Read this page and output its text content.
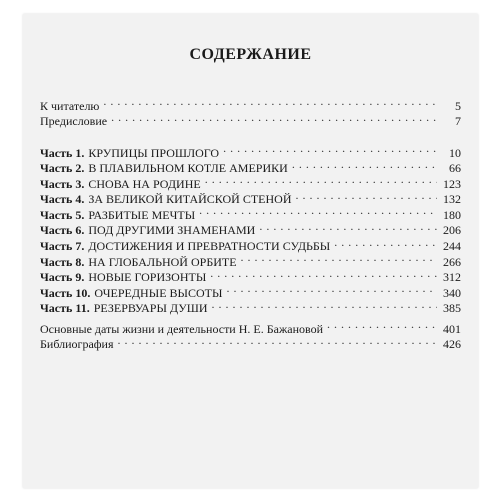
СОДЕРЖАНИЕ
К читателю . . .	5
Предисловие . . .	7
Часть 1. КРУПИЦЫ ПРОШЛОГО . . .	10
Часть 2. В ПЛАВИЛЬНОМ КОТЛЕ АМЕРИКИ . . .	66
Часть 3. СНОВА НА РОДИНЕ . . .	123
Часть 4. ЗА ВЕЛИКОЙ КИТАЙСКОЙ СТЕНОЙ . . .	132
Часть 5. РАЗБИТЫЕ МЕЧТЫ . . .	180
Часть 6. ПОД ДРУГИМИ ЗНАМЕНАМИ . . .	206
Часть 7. ДОСТИЖЕНИЯ И ПРЕВРАТНОСТИ СУДЬБЫ . . .	244
Часть 8. НА ГЛОБАЛЬНОЙ ОРБИТЕ . . .	266
Часть 9. НОВЫЕ ГОРИЗОНТЫ . . .	312
Часть 10. ОЧЕРЕДНЫЕ ВЫСОТЫ . . .	340
Часть 11. РЕЗЕРВУАРЫ ДУШИ . . .	385
Основные даты жизни и деятельности Н. Е. Бажановой . . .	401
Библиография . . .	426
